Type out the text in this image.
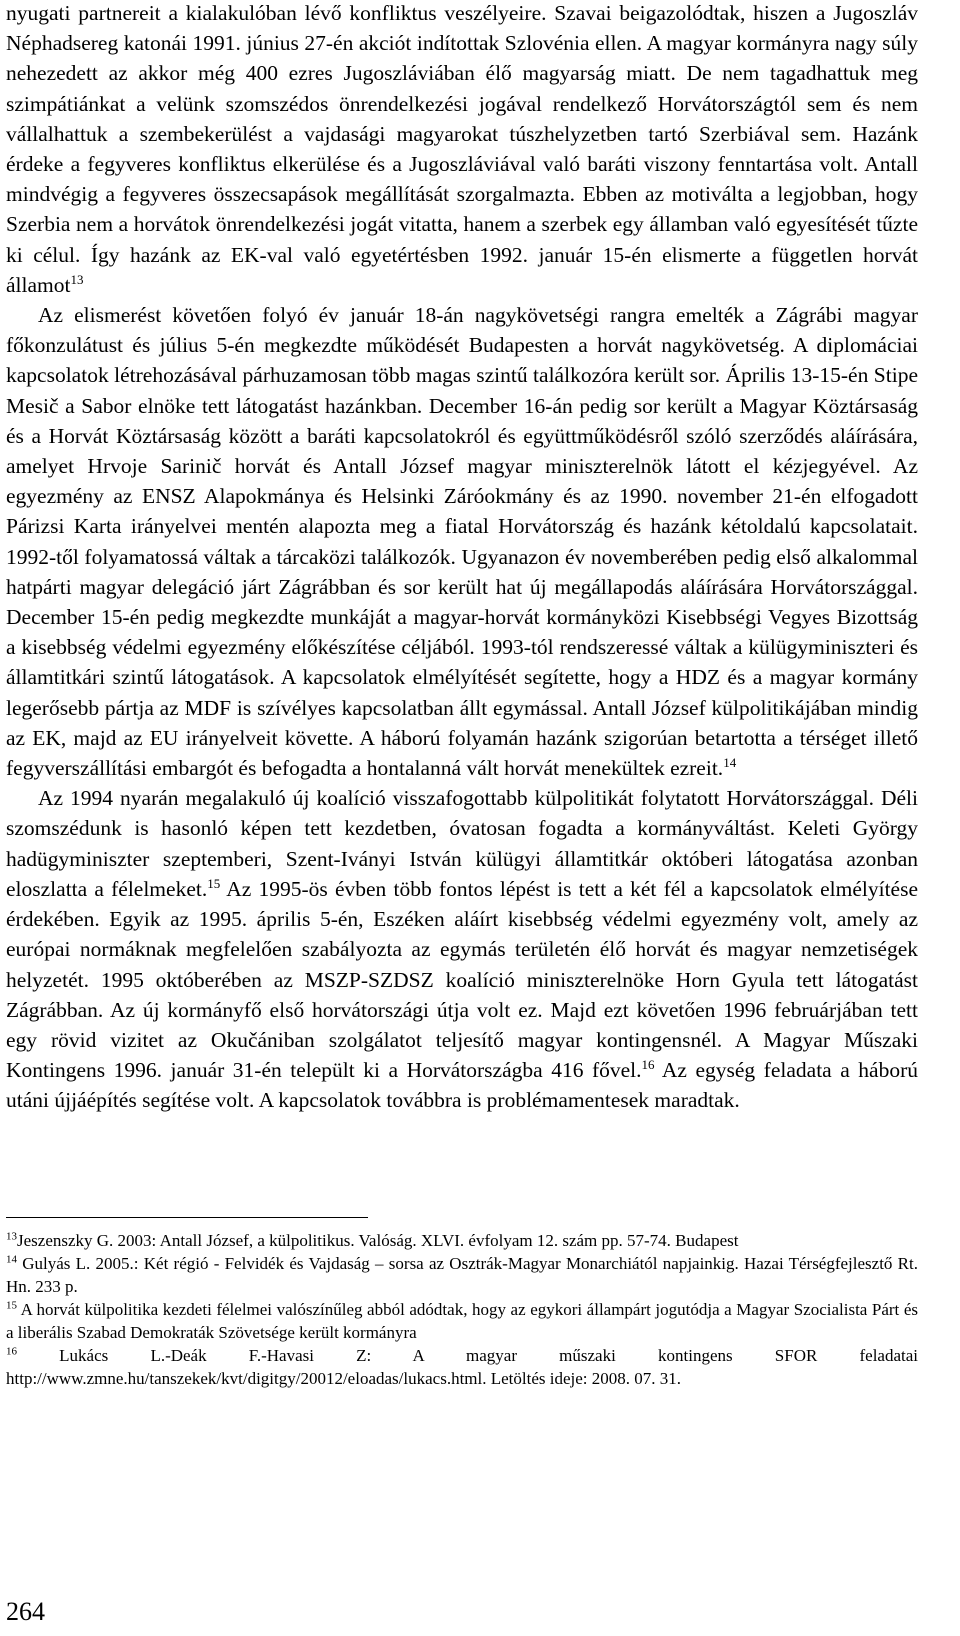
nyugati partnereit a kialakulóban lévő konfliktus veszélyeire. Szavai beigazolódtak, hiszen a Jugoszláv Néphadsereg katonái 1991. június 27-én akciót indítottak Szlovénia ellen. A magyar kormányra nagy súly nehezedett az akkor még 400 ezres Jugoszláviában élő magyarság miatt. De nem tagadhattuk meg szimpátiánkat a velünk szomszédos önrendelkezési jogával rendelkező Horvátországtól sem és nem vállalhattuk a szembekerülést a vajdasági magyarokat túszhelyzetben tartó Szerbiával sem. Hazánk érdeke a fegyveres konfliktus elkerülése és a Jugoszláviával való baráti viszony fenntartása volt. Antall mindvégig a fegyveres összecsapások megállítását szorgalmazta. Ebben az motiválta a legjobban, hogy Szerbia nem a horvátok önrendelkezési jogát vitatta, hanem a szerbek egy államban való egyesítését tűzte ki célul. Így hazánk az EK-val való egyetértésben 1992. január 15-én elismerte a független horvát államot$^{13}$

Az elismerést követően folyó év január 18-án nagykövetségi rangra emelték a Zágrábi magyar főkonzulátust és július 5-én megkezdte működését Budapesten a horvát nagykövetség. A diplomáciai kapcsolatok létrehozásával párhuzamosan több magas szintű találkozóra került sor. Április 13-15-én Stipe Mesič a Sabor elnöke tett látogatást hazánkban. December 16-án pedig sor került a Magyar Köztársaság és a Horvát Köztársaság között a baráti kapcsolatokról és együttműködésről szóló szerződés aláírására, amelyet Hrvoje Sarinič horvát és Antall József magyar miniszterelnök látott el kézjegyével. Az egyezmény az ENSZ Alapokmánya és Helsinki Záróokmány és az 1990. november 21-én elfogadott Párizsi Karta irányelvei mentén alapozta meg a fiatal Horvátország és hazánk kétoldalú kapcsolatait. 1992-től folyamatossá váltak a tárcaközi találkozók. Ugyanazon év novemberében pedig első alkalommal hatpárti magyar delegáció járt Zágrábban és sor került hat új megállapodás aláírására Horvátországgal. December 15-én pedig megkezdte munkáját a magyar-horvát kormányközi Kisebbségi Vegyes Bizottság a kisebbség védelmi egyezmény előkészítése céljából. 1993-tól rendszeressé váltak a külügyminiszteri és államtitkári szintű látogatások. A kapcsolatok elmélyítését segítette, hogy a HDZ és a magyar kormány legerősebb pártja az MDF is szívélyes kapcsolatban állt egymással. Antall József külpolitikájában mindig az EK, majd az EU irányelveit követte. A háború folyamán hazánk szigorúan betartotta a térséget illető fegyverszállítási embargót és befogadta a hontalanná vált horvát menekültek ezreit.$^{14}$

Az 1994 nyarán megalakuló új koalíció visszafogottabb külpolitikát folytatott Horvátországgal. Déli szomszédunk is hasonló képen tett kezdetben, óvatosan fogadta a kormányváltást. Keleti György hadügyminiszter szeptemberi, Szent-Iványi István külügyi államtitkár októberi látogatása azonban eloszlatta a félelmeket.$^{15}$ Az 1995-ös évben több fontos lépést is tett a két fél a kapcsolatok elmélyítése érdekében. Egyik az 1995. április 5-én, Eszéken aláírt kisebbség védelmi egyezmény volt, amely az európai normáknak megfelelően szabályozta az egymás területén élő horvát és magyar nemzetiségek helyzetét. 1995 októberében az MSZP-SZDSZ koalíció miniszterelnöke Horn Gyula tett látogatást Zágrábban. Az új kormányfő első horvátországi útja volt ez. Majd ezt követően 1996 februárjában tett egy rövid vizitet az Okučániban szolgálatot teljesítő magyar kontingensnél. A Magyar Műszaki Kontingens 1996. január 31-én települt ki a Horvátországba 416 fővel.$^{16}$ Az egység feladata a háború utáni újjáépítés segítése volt. A kapcsolatok továbbra is problémamentesek maradtak.

$^{13}$Jeszenszky G. 2003: Antall József, a külpolitikus. Valóság. XLVI. évfolyam 12. szám pp. 57-74. Budapest

$^{14}$ Gulyás L. 2005.: Két régió - Felvidék és Vajdaság – sorsa az Osztrák-Magyar Monarchiától napjainkig. Hazai Térségfejlesztő Rt. Hn. 233 p.

$^{15}$ A horvát külpolitika kezdeti félelmei valószínűleg abból adódtak, hogy az egykori állampárt jogutódja a Magyar Szocialista Párt és a liberális Szabad Demokraták Szövetsége került kormányra

$^{16}$ Lukács L.-Deák F.-Havasi Z: A magyar műszaki kontingens SFOR feladatai http://www.zmne.hu/tanszekek/kvt/digitgy/20012/eloadas/lukacs.html. Letöltés ideje: 2008. 07. 31.

264
